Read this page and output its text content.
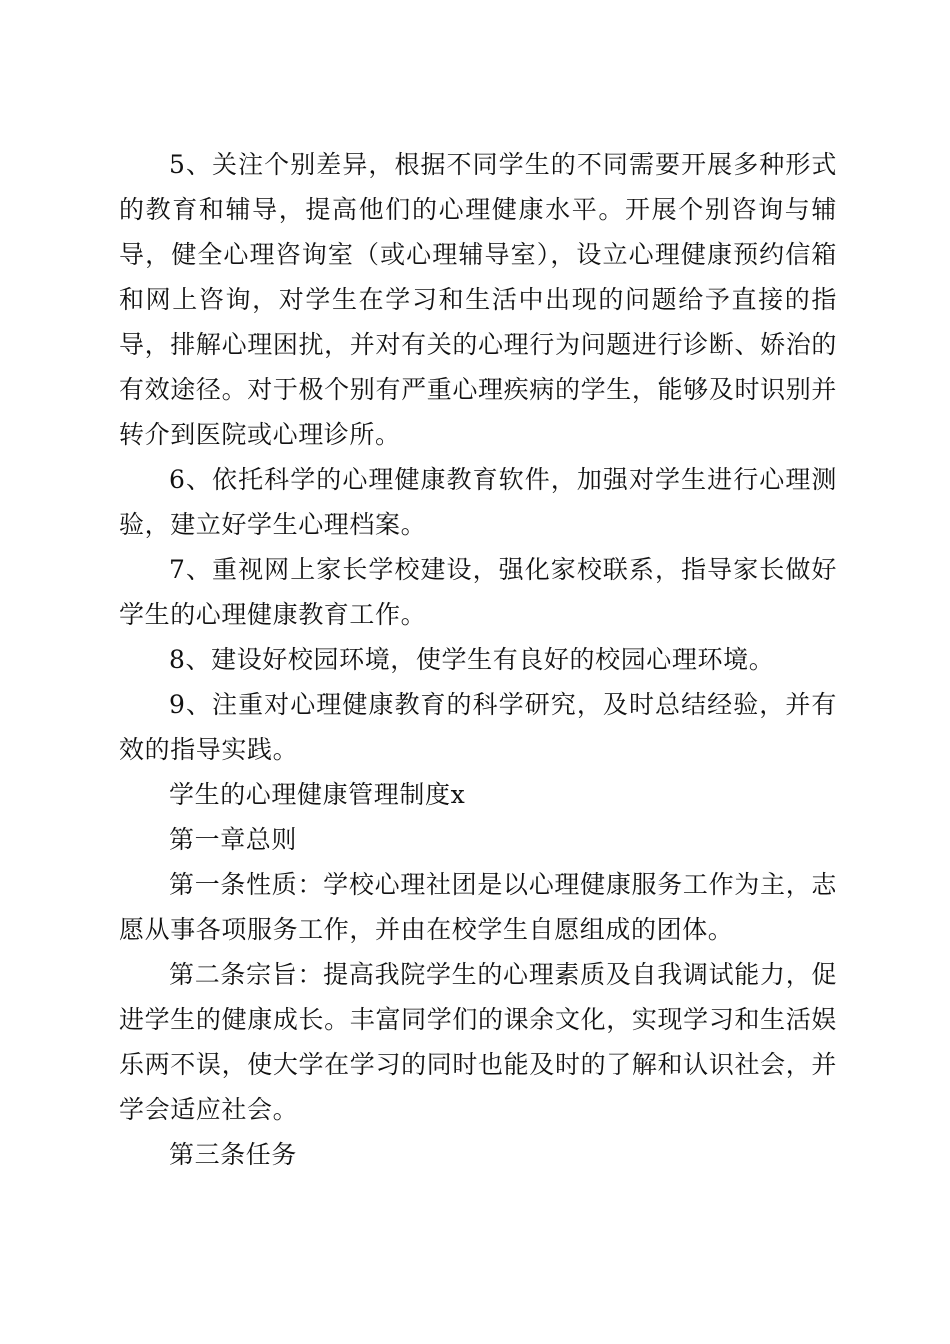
5、关注个别差异，根据不同学生的不同需要开展多种形式的教育和辅导，提高他们的心理健康水平。开展个别咨询与辅导，健全心理咨询室（或心理辅导室），设立心理健康预约信箱和网上咨询，对学生在学习和生活中出现的问题给予直接的指导，排解心理困扰，并对有关的心理行为问题进行诊断、娇治的有效途径。对于极个别有严重心理疾病的学生，能够及时识别并转介到医院或心理诊所。

6、依托科学的心理健康教育软件，加强对学生进行心理测验，建立好学生心理档案。

7、重视网上家长学校建设，强化家校联系，指导家长做好学生的心理健康教育工作。

8、建设好校园环境，使学生有良好的校园心理环境。

9、注重对心理健康教育的科学研究，及时总结经验，并有效的指导实践。

学生的心理健康管理制度x

第一章总则

第一条性质：学校心理社团是以心理健康服务工作为主，志愿从事各项服务工作，并由在校学生自愿组成的团体。

第二条宗旨：提高我院学生的心理素质及自我调试能力，促进学生的健康成长。丰富同学们的课余文化，实现学习和生活娱乐两不误，使大学在学习的同时也能及时的了解和认识社会，并学会适应社会。

第三条任务
